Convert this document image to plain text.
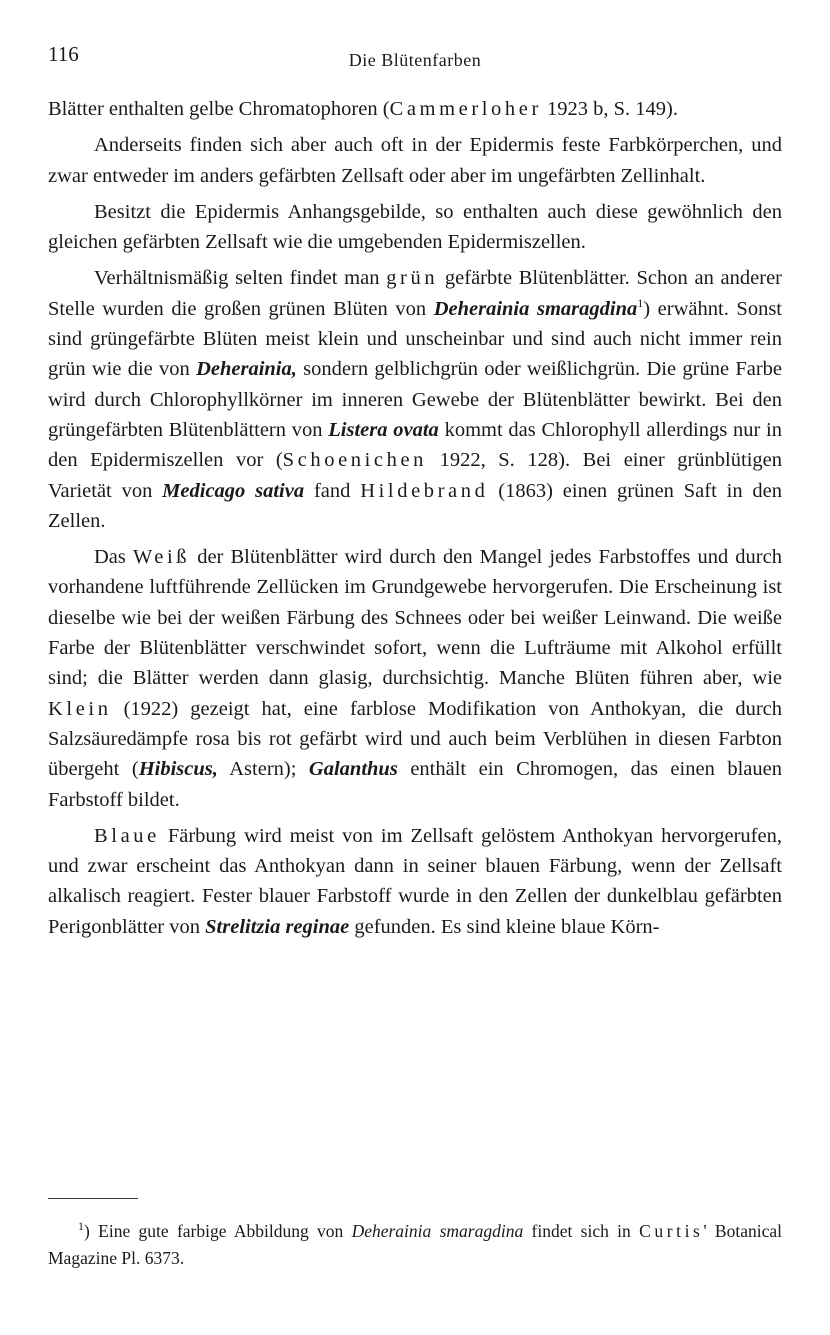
116	Die Blütenfarben

Blätter enthalten gelbe Chromatophoren (Cammerloher 1923 b, S. 149).

Anderseits finden sich aber auch oft in der Epidermis feste Farbkörperchen, und zwar entweder im anders gefärbten Zellsaft oder aber im ungefärbten Zellinhalt.

Besitzt die Epidermis Anhangsgebilde, so enthalten auch diese gewöhnlich den gleichen gefärbten Zellsaft wie die umgebenden Epidermiszellen.

Verhältnismäßig selten findet man grün gefärbte Blütenblätter. Schon an anderer Stelle wurden die großen grünen Blüten von Deherainia smaragdina$^1$) erwähnt. Sonst sind grüngefärbte Blüten meist klein und unscheinbar und sind auch nicht immer rein grün wie die von Deherainia, sondern gelblichgrün oder weißlichgrün. Die grüne Farbe wird durch Chlorophyllkörner im inneren Gewebe der Blütenblätter bewirkt. Bei den grüngefärbten Blütenblättern von Listera ovata kommt das Chlorophyll allerdings nur in den Epidermiszellen vor (Schoenichen 1922, S. 128). Bei einer grünblütigen Varietät von Medicago sativa fand Hildebrand (1863) einen grünen Saft in den Zellen.

Das Weiß der Blütenblätter wird durch den Mangel jedes Farbstoffes und durch vorhandene luftführende Zellücken im Grundgewebe hervorgerufen. Die Erscheinung ist dieselbe wie bei der weißen Färbung des Schnees oder bei weißer Leinwand. Die weiße Farbe der Blütenblätter verschwindet sofort, wenn die Lufträume mit Alkohol erfüllt sind; die Blätter werden dann glasig, durchsichtig. Manche Blüten führen aber, wie Klein (1922) gezeigt hat, eine farblose Modifikation von Anthokyan, die durch Salzsäuredämpfe rosa bis rot gefärbt wird und auch beim Verblühen in diesen Farbton übergeht (Hibiscus, Astern); Galanthus enthält ein Chromogen, das einen blauen Farbstoff bildet.

Blaue Färbung wird meist von im Zellsaft gelöstem Anthokyan hervorgerufen, und zwar erscheint das Anthokyan dann in seiner blauen Färbung, wenn der Zellsaft alkalisch reagiert. Fester blauer Farbstoff wurde in den Zellen der dunkelblau gefärbten Perigonblätter von Strelitzia reginae gefunden. Es sind kleine blaue Körn-

$^1$) Eine gute farbige Abbildung von Deherainia smaragdina findet sich in Curtis' Botanical Magazine Pl. 6373.
